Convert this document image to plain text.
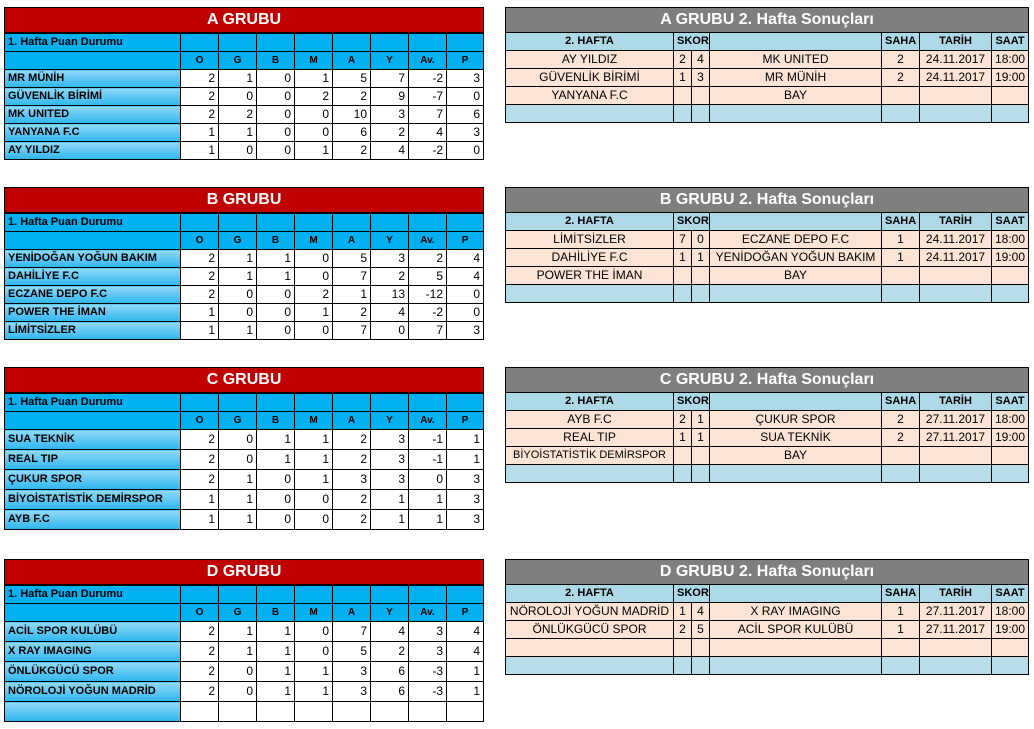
A GRUBU								
1. Hafta Puan Durumu								
	O	G	B	M	A	Y	Av.	P
MR MÜNİH	2	1	0	1	5	7	-2	3
GÜVENLİK BİRİMİ	2	0	0	2	2	9	-7	0
MK UNITED	2	2	0	0	10	3	7	6
YANYANA F.C	1	1	0	0	6	2	4	3
AY YILDIZ	1	0	0	1	2	4	-2	0
A GRUBU 2. Hafta Sonuçları						
2. HAFTA	SKOR			SAHA	TARİH	SAAT
AY YILDIZ	2	4	MK UNITED	2	24.11.2017	18:00
GÜVENLİK BİRİMİ	1	3	MR MÜNİH	2	24.11.2017	19:00
YANYANA F.C			BAY			

B GRUBU								
1. Hafta Puan Durumu								
	O	G	B	M	A	Y	Av.	P
YENİDOĞAN YOĞUN BAKIM	2	1	1	0	5	3	2	4
DAHİLİYE F.C	2	1	1	0	7	2	5	4
ECZANE DEPO F.C	2	0	0	2	1	13	-12	0
POWER THE İMAN	1	0	0	1	2	4	-2	0
LİMİTSİZLER	1	1	0	0	7	0	7	3
B GRUBU 2. Hafta Sonuçları						
2. HAFTA	SKOR			SAHA	TARİH	SAAT
LİMİTSİZLER	7	0	ECZANE DEPO F.C	1	24.11.2017	18:00
DAHİLİYE F.C	1	1	YENİDOĞAN YOĞUN BAKIM	1	24.11.2017	19:00
POWER THE İMAN			BAY			

C GRUBU								
1. Hafta Puan Durumu								
	O	G	B	M	A	Y	Av.	P
SUA TEKNİK	2	0	1	1	2	3	-1	1
REAL TIP	2	0	1	1	2	3	-1	1
ÇUKUR SPOR	2	1	0	1	3	3	0	3
BİYOİSTATİSTİK DEMİRSPOR	1	1	0	0	2	1	1	3
AYB F.C	1	1	0	0	2	1	1	3
C GRUBU 2. Hafta Sonuçları						
2. HAFTA	SKOR			SAHA	TARİH	SAAT
AYB F.C	2	1	ÇUKUR SPOR	2	27.11.2017	18:00
REAL TIP	1	1	SUA TEKNİK	2	27.11.2017	19:00
BİYOİSTATİSTİK DEMİRSPOR			BAY			

D GRUBU								
1. Hafta Puan Durumu								
	O	G	B	M	A	Y	Av.	P
ACİL SPOR KULÜBÜ	2	1	1	0	7	4	3	4
X RAY IMAGING	2	1	1	0	5	2	3	4
ÖNLÜKGÜCÜ SPOR	2	0	1	1	3	6	-3	1
NÖROLOJİ YOĞUN MADRİD	2	0	1	1	3	6	-3	1

D GRUBU 2. Hafta Sonuçları						
2. HAFTA	SKOR			SAHA	TARİH	SAAT
NÖROLOJİ YOĞUN MADRİD	1	4	X RAY IMAGING	1	27.11.2017	18:00
ÖNLÜKGÜCÜ SPOR	2	5	ACİL SPOR KULÜBÜ	1	27.11.2017	19:00
